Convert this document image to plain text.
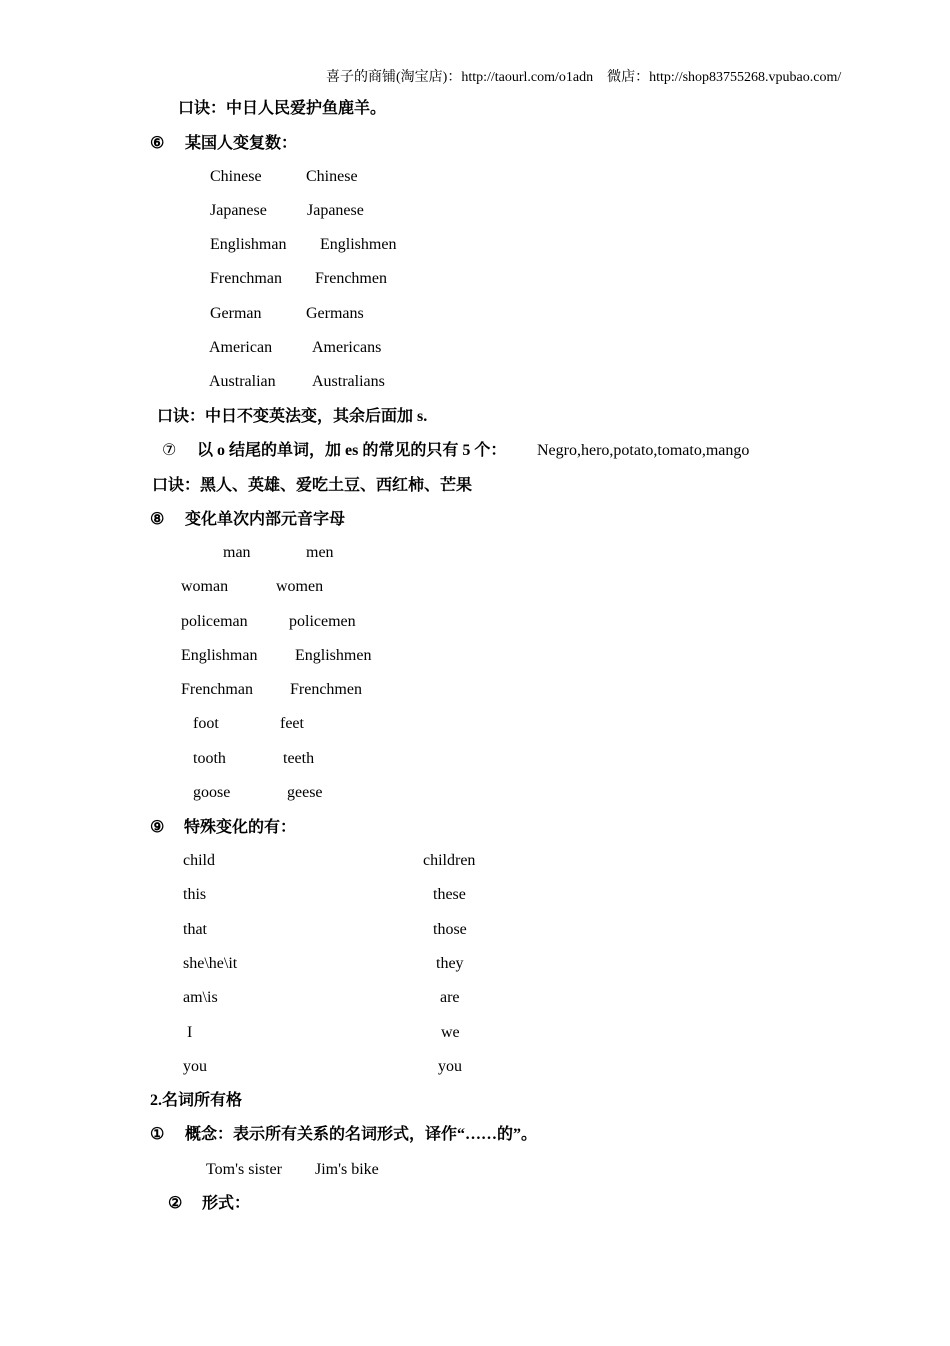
喜子的商铺(淘宝店)：http://taourl.com/o1adn　微店：http://shop83755268.vpubao.com/
口诀：中日人民爱护鱼鹿羊。
⑥ 某国人变复数：
Chinese	Chinese
Japanese	Japanese
Englishman Englishmen
Frenchman Frenchmen
German	Germans
American Americans
Australian Australians
口诀：中日不变英法变，其余后面加 s.
⑦ 以 o 结尾的单词，加 es 的常见的只有 5 个： Negro,hero,potato,tomato,mango
口诀：黑人、英雄、爱吃土豆、西红柿、芒果
⑧ 变化单次内部元音字母
man	men
woman	women
policeman	policemen
Englishman Englishmen
Frenchman Frenchmen
foot	feet
tooth	teeth
goose	geese
⑨ 特殊变化的有：
child	children
this	these
that	those
she\he\it	they
am\is	are
I	we
you	you
2.名词所有格
① 概念：表示所有关系的名词形式，译作“……的”。
Tom's sister Jim's bike
② 形式：
